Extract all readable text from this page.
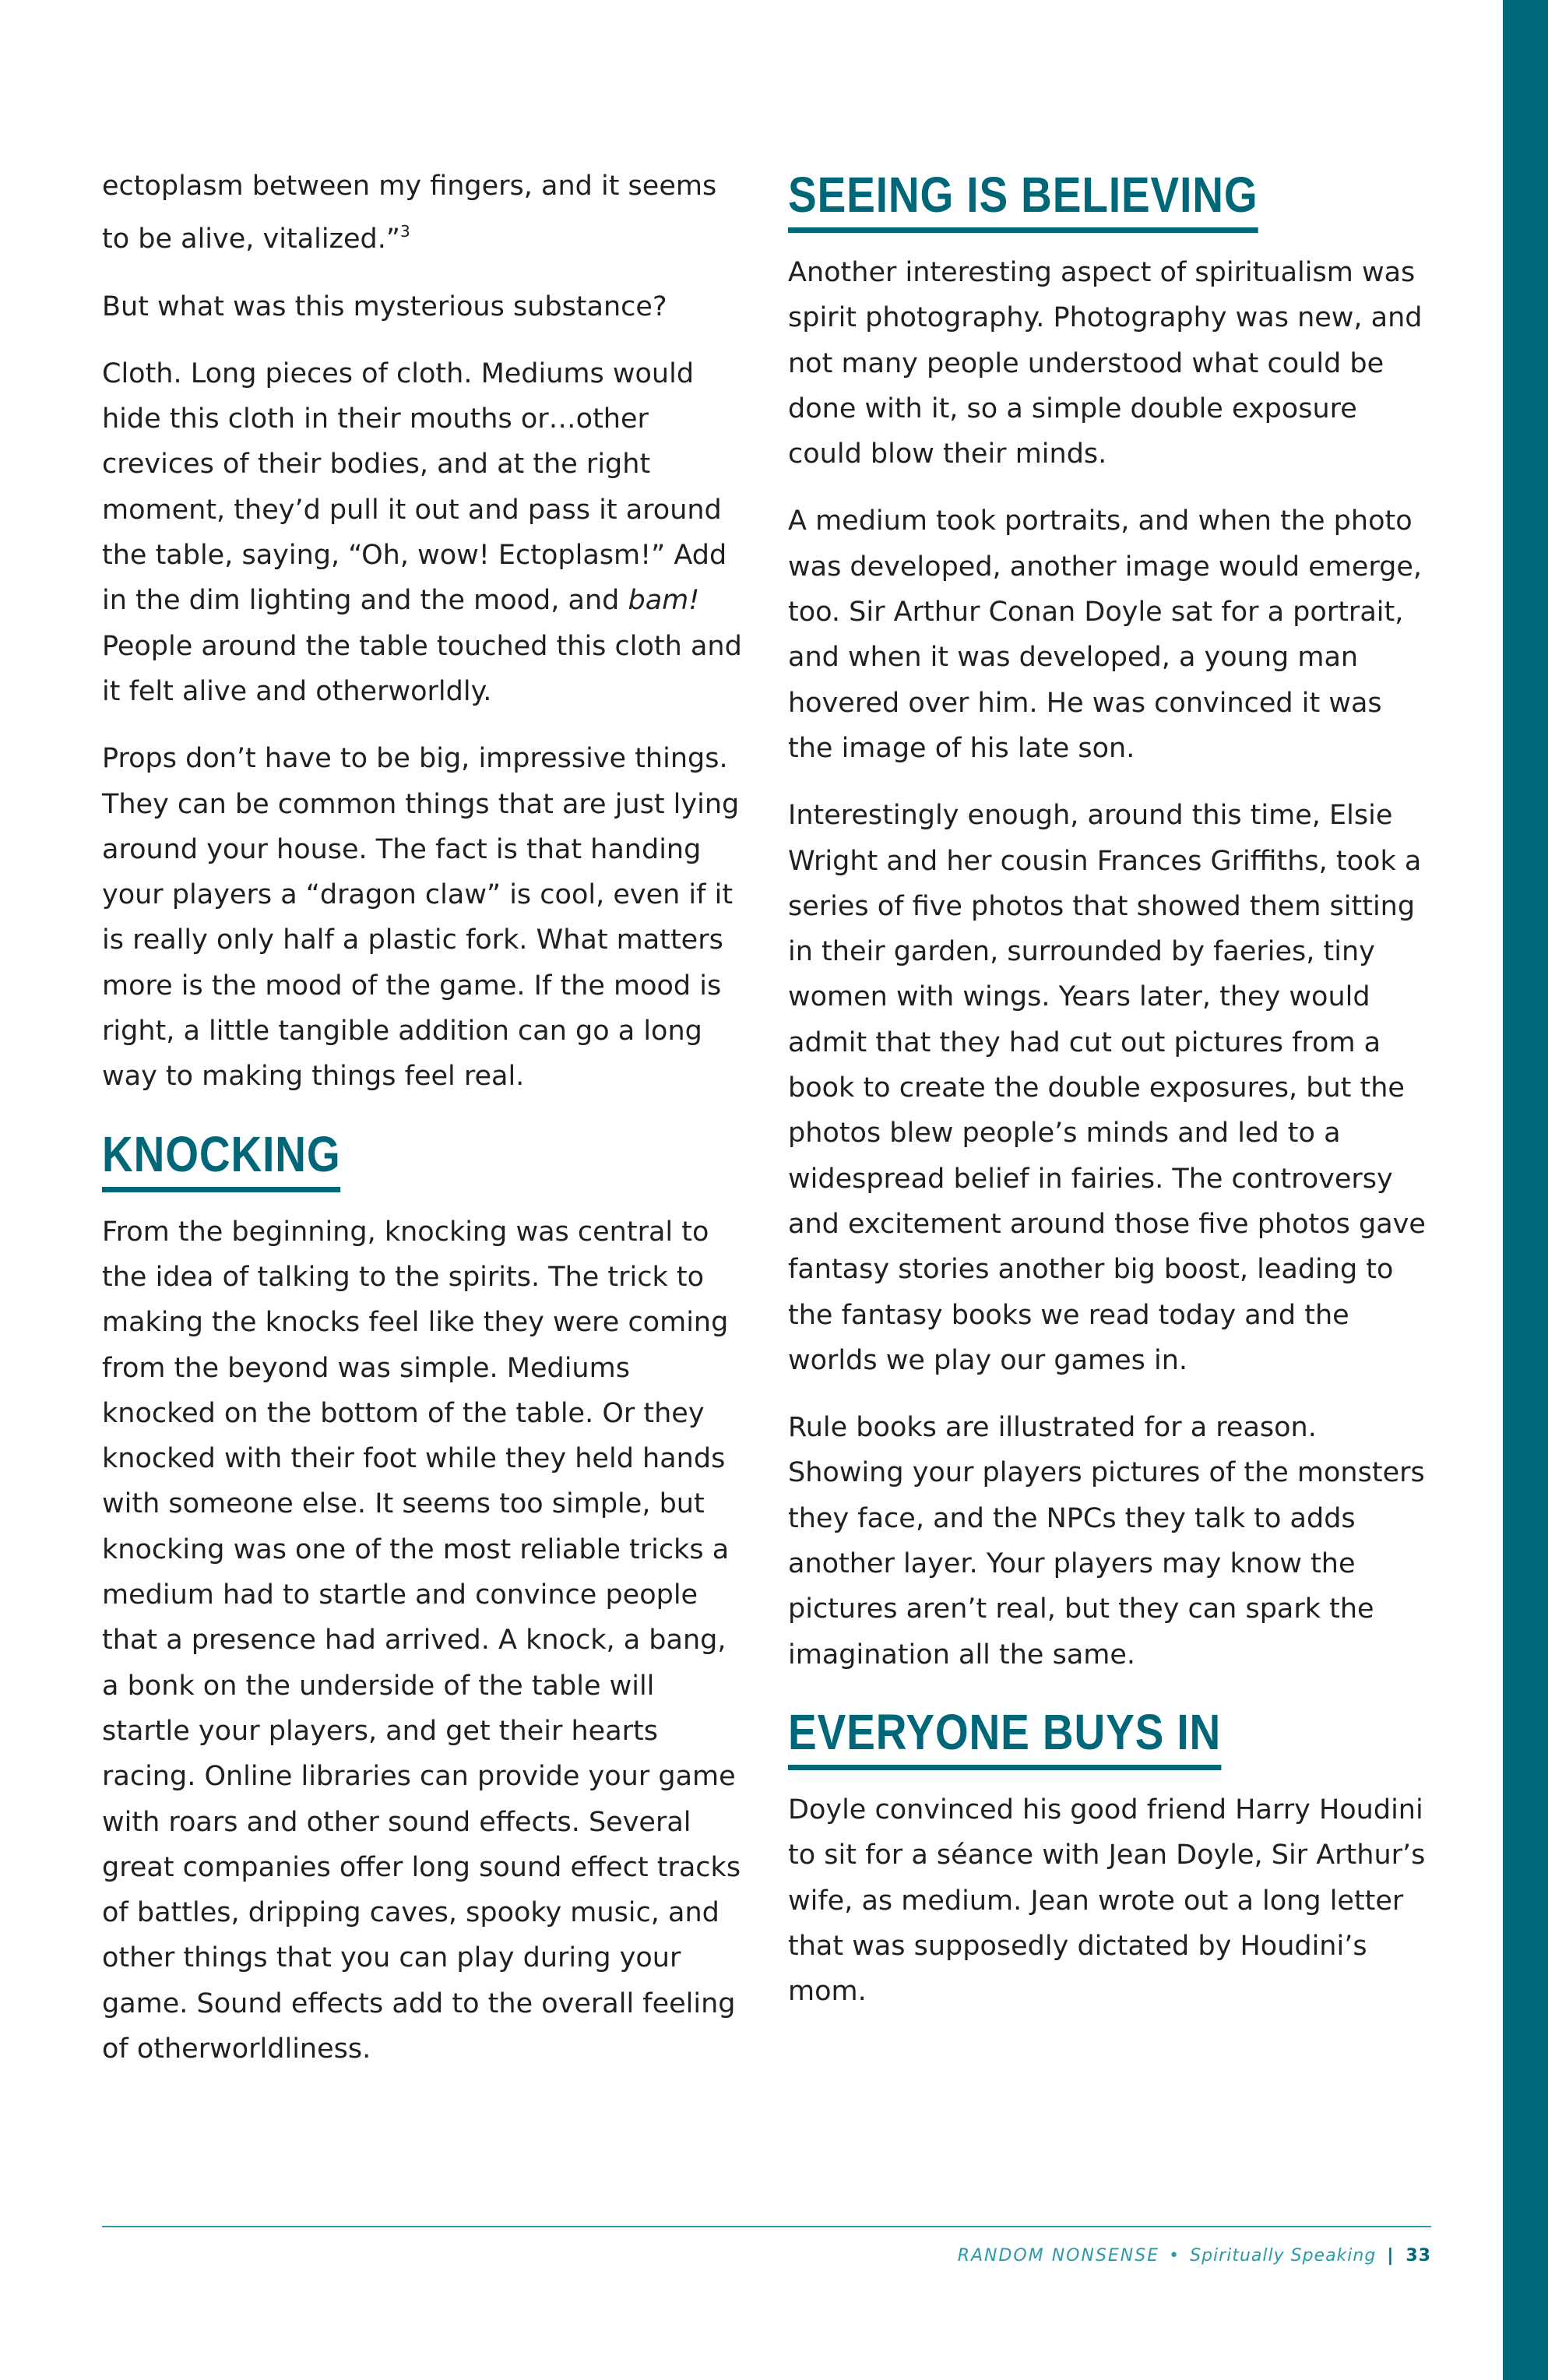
ectoplasm between my fingers, and it seems to be alive, vitalized.”$^3$

But what was this mysterious substance?

Cloth. Long pieces of cloth. Mediums would hide this cloth in their mouths or…other crevices of their bodies, and at the right moment, they’d pull it out and pass it around the table, saying, “Oh, wow! Ectoplasm!” Add in the dim lighting and the mood, and bam! People around the table touched this cloth and it felt alive and otherworldly.

Props don’t have to be big, impressive things. They can be common things that are just lying around your house. The fact is that handing your players a “dragon claw” is cool, even if it is really only half a plastic fork. What matters more is the mood of the game. If the mood is right, a little tangible addition can go a long way to making things feel real.

KNOCKING

From the beginning, knocking was central to the idea of talking to the spirits. The trick to making the knocks feel like they were coming from the beyond was simple. Mediums knocked on the bottom of the table. Or they knocked with their foot while they held hands with someone else. It seems too simple, but knocking was one of the most reliable tricks a medium had to startle and convince people that a presence had arrived. A knock, a bang, a bonk on the underside of the table will startle your players, and get their hearts racing. Online libraries can provide your game with roars and other sound effects. Several great companies offer long sound effect tracks of battles, dripping caves, spooky music, and other things that you can play during your game. Sound effects add to the overall feeling of otherworldliness.

SEEING IS BELIEVING

Another interesting aspect of spiritualism was spirit photography. Photography was new, and not many people understood what could be done with it, so a simple double exposure could blow their minds.

A medium took portraits, and when the photo was developed, another image would emerge, too. Sir Arthur Conan Doyle sat for a portrait, and when it was developed, a young man hovered over him. He was convinced it was the image of his late son.

Interestingly enough, around this time, Elsie Wright and her cousin Frances Griffiths, took a series of five photos that showed them sitting in their garden, surrounded by faeries, tiny women with wings. Years later, they would admit that they had cut out pictures from a book to create the double exposures, but the photos blew people’s minds and led to a widespread belief in fairies. The controversy and excitement around those five photos gave fantasy stories another big boost, leading to the fantasy books we read today and the worlds we play our games in.

Rule books are illustrated for a reason. Showing your players pictures of the monsters they face, and the NPCs they talk to adds another layer. Your players may know the pictures aren’t real, but they can spark the imagination all the same.

EVERYONE BUYS IN

Doyle convinced his good friend Harry Houdini to sit for a séance with Jean Doyle, Sir Arthur’s wife, as medium. Jean wrote out a long letter that was supposedly dictated by Houdini’s mom.

RANDOM NONSENSE • Spiritually Speaking | 33
